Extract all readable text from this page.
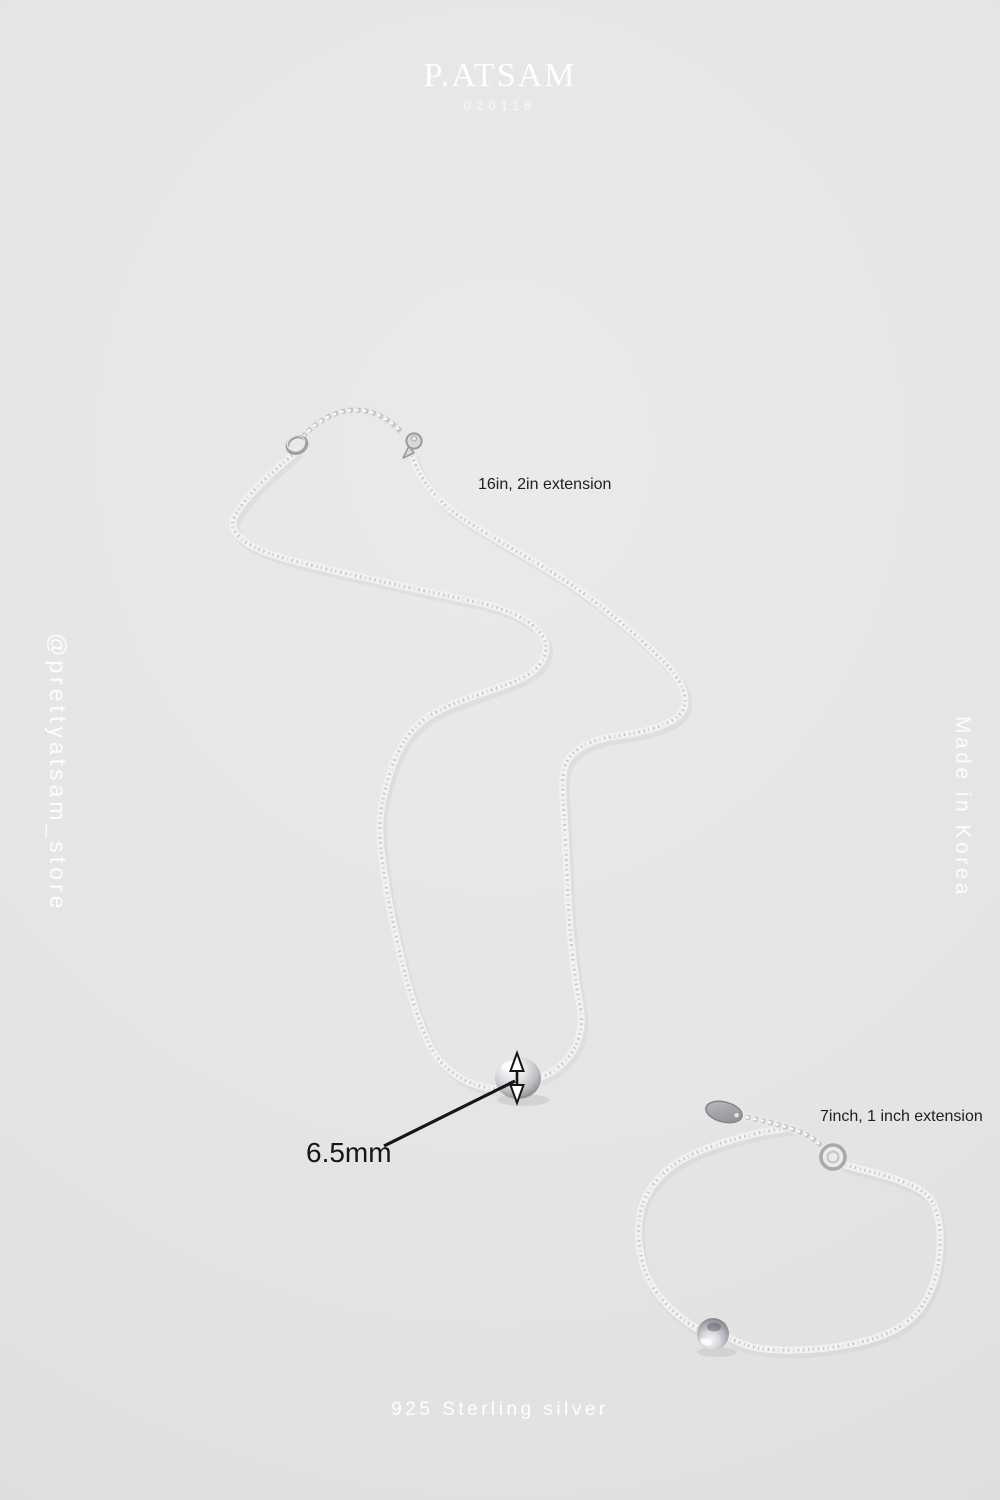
P.ATSAM
020118
@prettyatsam_store	Made in Korea
16in, 2in extension
6.5mm
7inch, 1 inch extension
925 Sterling silver
